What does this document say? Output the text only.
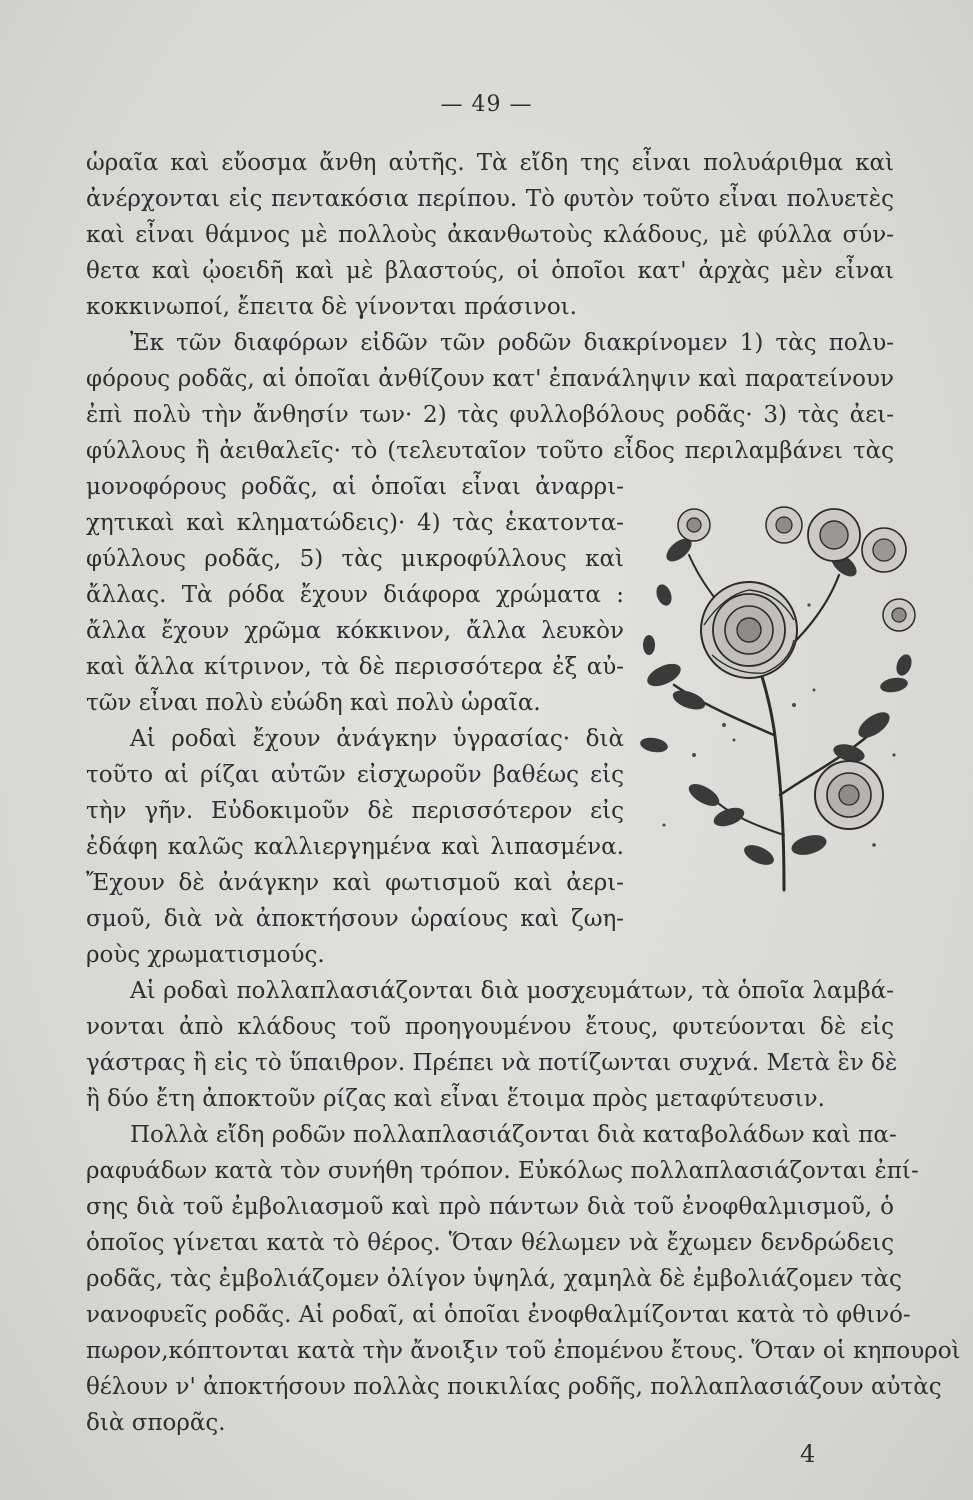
— 49 —
ὡραῖα καὶ εὔοσμα ἄνθη αὐτῆς. Τὰ εἴδη της εἶναι πολυάριθμα καὶ
ἀνέρχονται εἰς πεντακόσια περίπου. Τὸ φυτὸν τοῦτο εἶναι πολυετὲς
καὶ εἶναι θάμνος μὲ πολλοὺς ἀκανθωτοὺς κλάδους, μὲ φύλλα σύν-
θετα καὶ ᾠοειδῆ καὶ μὲ βλαστούς, οἱ ὁποῖοι κατ' ἀρχὰς μὲν εἶναι
κοκκινωποί, ἔπειτα δὲ γίνονται πράσινοι.
Ἐκ τῶν διαφόρων εἰδῶν τῶν ροδῶν διακρίνομεν 1) τὰς πολυ-
φόρους ροδᾶς, αἱ ὁποῖαι ἀνθίζουν κατ' ἐπανάληψιν καὶ παρατείνουν
ἐπὶ πολὺ τὴν ἄνθησίν των· 2) τὰς φυλλοβόλους ροδᾶς· 3) τὰς ἀει-
φύλλους ἢ ἀειθαλεῖς· τὸ (τελευταῖον τοῦτο εἶδος περιλαμβάνει τὰς
μονοφόρους ροδᾶς, αἱ ὁποῖαι εἶναι ἀναρρι-
χητικαὶ καὶ κληματώδεις)· 4) τὰς ἑκατοντα-
φύλλους ροδᾶς, 5) τὰς μικροφύλλους καὶ
ἄλλας. Τὰ ρόδα ἔχουν διάφορα χρώματα :
ἄλλα ἔχουν χρῶμα κόκκινον, ἄλλα λευκὸν
καὶ ἄλλα κίτρινον, τὰ δὲ περισσότερα ἐξ αὐ-
τῶν εἶναι πολὺ εὐώδη καὶ πολὺ ὡραῖα.
Αἱ ροδαὶ ἔχουν ἀνάγκην ὑγρασίας· διὰ
τοῦτο αἱ ρίζαι αὐτῶν εἰσχωροῦν βαθέως εἰς
τὴν γῆν. Εὐδοκιμοῦν δὲ περισσότερον εἰς
ἐδάφη καλῶς καλλιεργημένα καὶ λιπασμένα.
Ἔχουν δὲ ἀνάγκην καὶ φωτισμοῦ καὶ ἀερι-
σμοῦ, διὰ νὰ ἀποκτήσουν ὡραίους καὶ ζωη-
ροὺς χρωματισμούς.
Αἱ ροδαὶ πολλαπλασιάζονται διὰ μοσχευμάτων, τὰ ὁποῖα λαμβά-
νονται ἀπὸ κλάδους τοῦ προηγουμένου ἔτους, φυτεύονται δὲ εἰς
γάστρας ἢ εἰς τὸ ὕπαιθρον. Πρέπει νὰ ποτίζωνται συχνά. Μετὰ ἓν δὲ
ἢ δύο ἔτη ἀποκτοῦν ρίζας καὶ εἶναι ἕτοιμα πρὸς μεταφύτευσιν.
Πολλὰ εἴδη ροδῶν πολλαπλασιάζονται διὰ καταβολάδων καὶ πα-
ραφυάδων κατὰ τὸν συνήθη τρόπον. Εὐκόλως πολλαπλασιάζονται ἐπί-
σης διὰ τοῦ ἐμβολιασμοῦ καὶ πρὸ πάντων διὰ τοῦ ἐνοφθαλμισμοῦ, ὁ
ὁποῖος γίνεται κατὰ τὸ θέρος. Ὅταν θέλωμεν νὰ ἔχωμεν δενδρώδεις
ροδᾶς, τὰς ἐμβολιάζομεν ὀλίγον ὑψηλά, χαμηλὰ δὲ ἐμβολιάζομεν τὰς
νανοφυεῖς ροδᾶς. Αἱ ροδαῖ, αἱ ὁποῖαι ἐνοφθαλμίζονται κατὰ τὸ φθινό-
πωρον,κόπτονται κατὰ τὴν ἄνοιξιν τοῦ ἐπομένου ἔτους. Ὅταν οἱ κηπουροὶ
θέλουν ν' ἀποκτήσουν πολλὰς ποικιλίας ροδῆς, πολλαπλασιάζουν αὐτὰς
διὰ σπορᾶς.
4
